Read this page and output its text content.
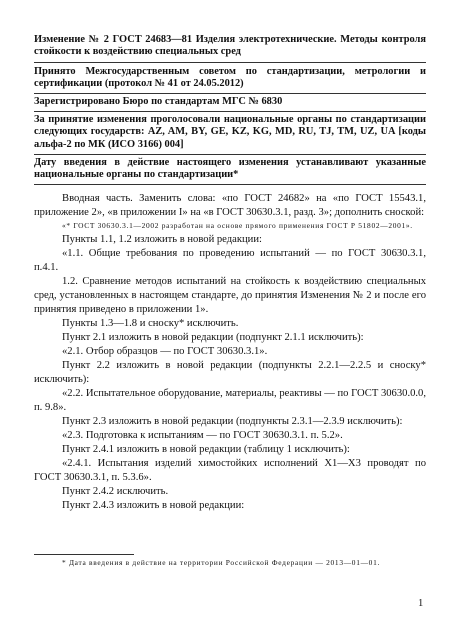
Изменение № 2 ГОСТ 24683—81 Изделия электротехнические. Методы контроля стойкости к воздействию специальных сред
Принято Межгосударственным советом по стандартизации, метрологии и сертификации (протокол № 41 от 24.05.2012)
Зарегистрировано Бюро по стандартам МГС № 6830
За принятие изменения проголосовали национальные органы по стандартизации следующих государств: AZ, AM, BY, GE, KZ, KG, MD, RU, TJ, TM, UZ, UA [коды альфа-2 по МК (ИСО 3166) 004]
Дату введения в действие настоящего изменения устанавливают указанные национальные органы по стандартизации*

Вводная часть. Заменить слова: «по ГОСТ 24682» на «по ГОСТ 15543.1, приложение 2», «в приложении I» на «в ГОСТ 30630.3.1, разд. 3»; дополнить сноской:

«* ГОСТ 30630.3.1—2002 разработан на основе прямого применения ГОСТ Р 51802—2001».

Пункты 1.1, 1.2 изложить в новой редакции:

«1.1. Общие требования по проведению испытаний — по ГОСТ 30630.3.1, п.4.1.

1.2. Сравнение методов испытаний на стойкость к воздействию специальных сред, установленных в настоящем стандарте, до принятия Изменения № 2 и после его принятия приведено в приложении 1».

Пункты 1.3—1.8 и сноску* исключить.

Пункт 2.1 изложить в новой редакции (подпункт 2.1.1 исключить):

«2.1. Отбор образцов — по ГОСТ 30630.3.1».

Пункт 2.2 изложить в новой редакции (подпункты 2.2.1—2.2.5 и сноску* исключить):

«2.2. Испытательное оборудование, материалы, реактивы — по ГОСТ 30630.0.0, п. 9.8».

Пункт 2.3 изложить в новой редакции (подпункты 2.3.1—2.3.9 исключить):

«2.3. Подготовка к испытаниям — по ГОСТ 30630.3.1. п. 5.2».

Пункт 2.4.1 изложить в новой редакции (таблицу 1 исключить):

«2.4.1. Испытания изделий химостойких исполнений X1—X3 проводят по ГОСТ 30630.3.1, п. 5.3.6».

Пункт 2.4.2 исключить.

Пункт 2.4.3 изложить в новой редакции:

* Дата введения в действие на территории Российской Федерации — 2013—01—01.
1
